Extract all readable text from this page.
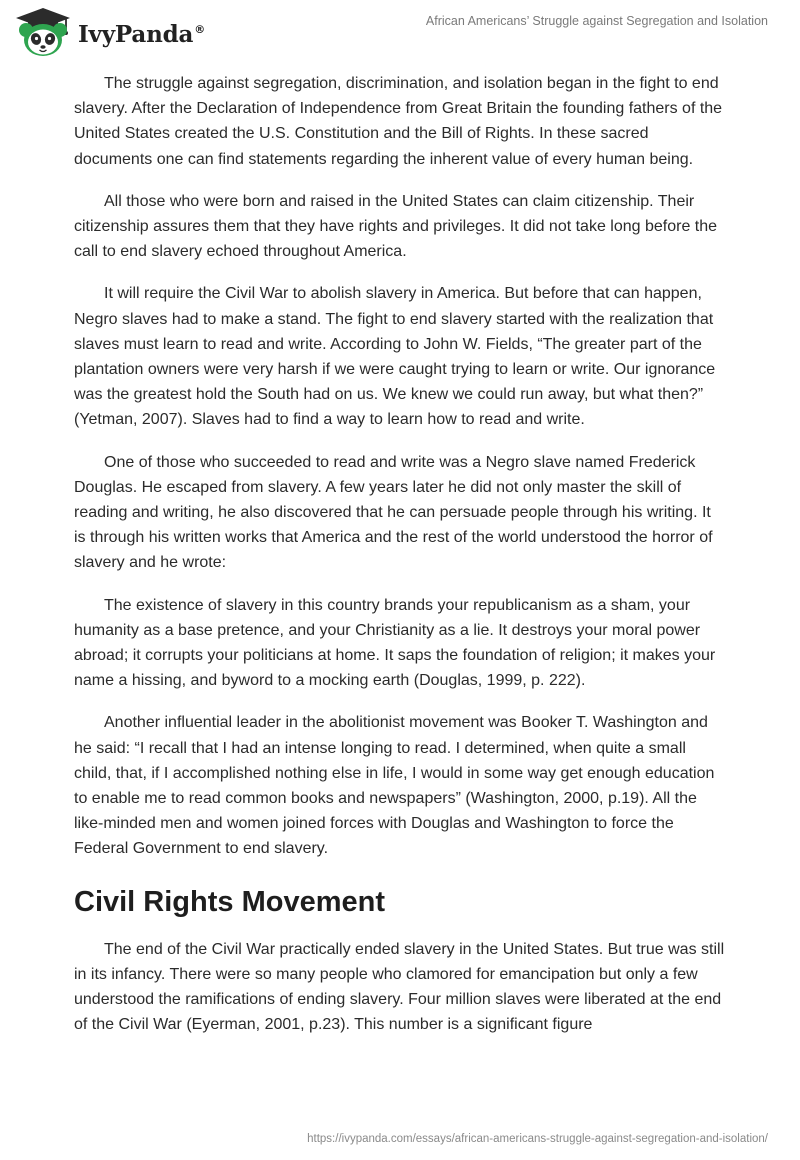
IvyPanda®
African Americans’ Struggle against Segregation and Isolation

The struggle against segregation, discrimination, and isolation began in the fight to end slavery. After the Declaration of Independence from Great Britain the founding fathers of the United States created the U.S. Constitution and the Bill of Rights. In these sacred documents one can find statements regarding the inherent value of every human being.

All those who were born and raised in the United States can claim citizenship. Their citizenship assures them that they have rights and privileges. It did not take long before the call to end slavery echoed throughout America.

It will require the Civil War to abolish slavery in America. But before that can happen, Negro slaves had to make a stand. The fight to end slavery started with the realization that slaves must learn to read and write. According to John W. Fields, “The greater part of the plantation owners were very harsh if we were caught trying to learn or write. Our ignorance was the greatest hold the South had on us. We knew we could run away, but what then?” (Yetman, 2007). Slaves had to find a way to learn how to read and write.

One of those who succeeded to read and write was a Negro slave named Frederick Douglas. He escaped from slavery. A few years later he did not only master the skill of reading and writing, he also discovered that he can persuade people through his writing. It is through his written works that America and the rest of the world understood the horror of slavery and he wrote:

The existence of slavery in this country brands your republicanism as a sham, your humanity as a base pretence, and your Christianity as a lie. It destroys your moral power abroad; it corrupts your politicians at home. It saps the foundation of religion; it makes your name a hissing, and byword to a mocking earth (Douglas, 1999, p. 222).

Another influential leader in the abolitionist movement was Booker T. Washington and he said: “I recall that I had an intense longing to read. I determined, when quite a small child, that, if I accomplished nothing else in life, I would in some way get enough education to enable me to read common books and newspapers” (Washington, 2000, p.19). All the like-minded men and women joined forces with Douglas and Washington to force the Federal Government to end slavery.

Civil Rights Movement

The end of the Civil War practically ended slavery in the United States. But true was still in its infancy. There were so many people who clamored for emancipation but only a few understood the ramifications of ending slavery. Four million slaves were liberated at the end of the Civil War (Eyerman, 2001, p.23). This number is a significant figure

https://ivypanda.com/essays/african-americans-struggle-against-segregation-and-isolation/
